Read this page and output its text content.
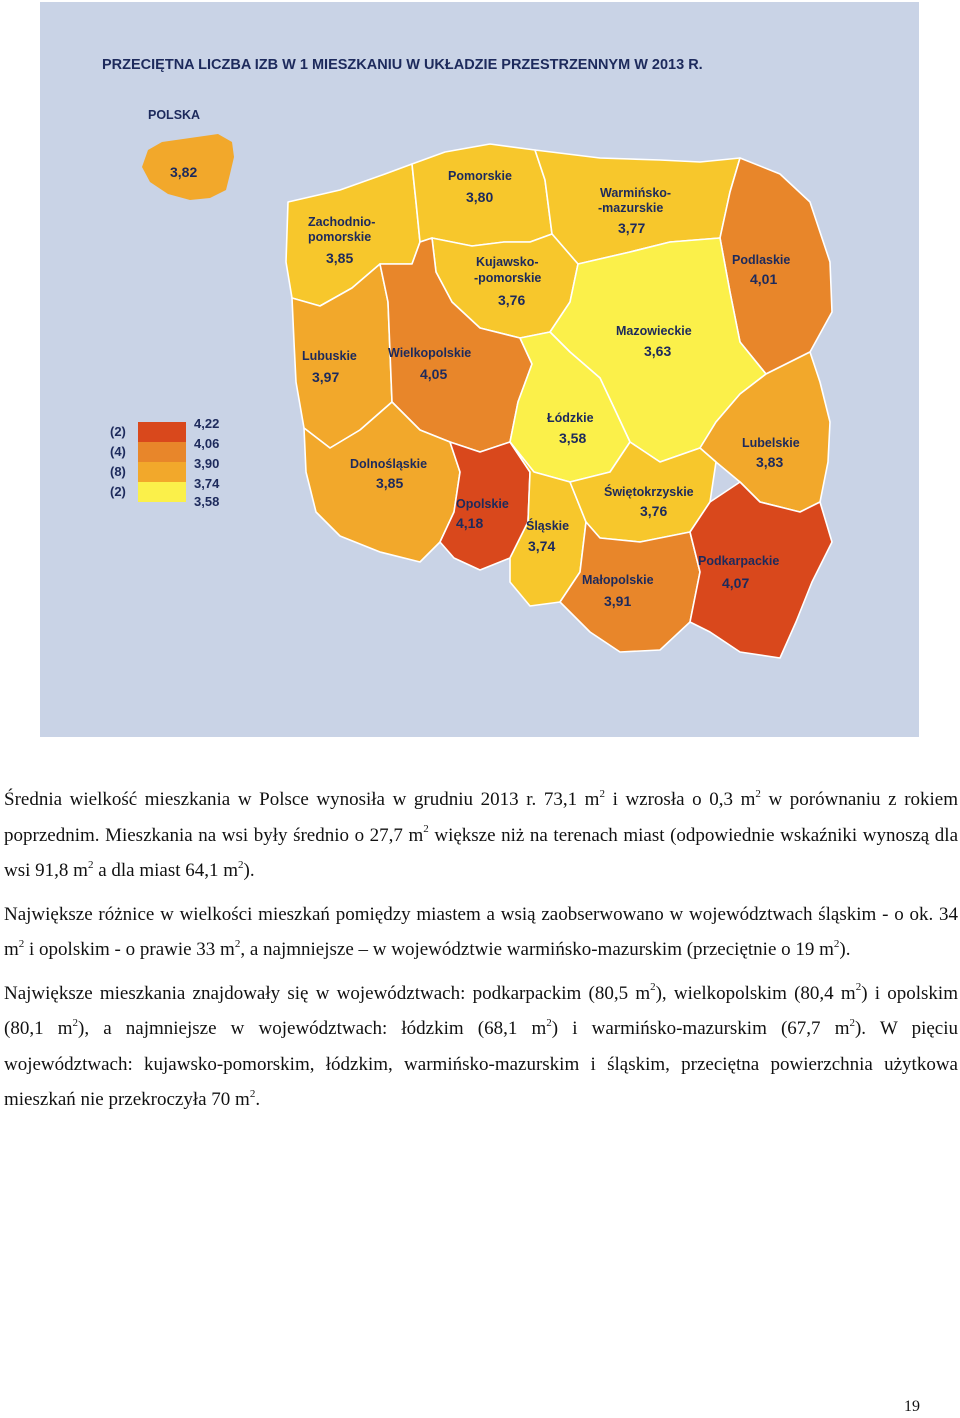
PRZECIĘTNA LICZBA IZB W 1 MIESZKANIU W UKŁADZIE PRZESTRZENNYM W 2013 R.
POLSKA
3,82
(2)
(4)
(8)
(2)
4,22
4,06
3,90
3,74
3,58
Zachodnio-
pomorskie
3,85
Pomorskie
3,80	Warmińsko-
-mazurskie
3,77
Podlaskie
4,01
Kujawsko-
-pomorskie
3,76
Lubuskie
3,97
Wielkopolskie
4,05
Mazowieckie
3,63
Łódzkie
3,58	Lubelskie
3,83
Dolnośląskie
3,85
Opolskie
4,18	Śląskie
3,74
Świętokrzyskie
3,76
Małopolskie
3,91
Podkarpackie
4,07

Średnia wielkość mieszkania w Polsce wynosiła w grudniu 2013 r. 73,1 $m^2$ i wzrosła o 0,3 $m^2$ w porównaniu z rokiem poprzednim. Mieszkania na wsi były średnio o 27,7 $m^2$ większe niż na terenach miast (odpowiednie wskaźniki wynoszą dla wsi 91,8 $m^2$ a dla miast 64,1 $m^2$).

Największe różnice w wielkości mieszkań pomiędzy miastem a wsią zaobserwowano w województwach śląskim - o ok. 34 $m^2$ i opolskim - o prawie 33 $m^2$, a najmniejsze – w województwie warmińsko-mazurskim (przeciętnie o 19 $m^2$).

Największe mieszkania znajdowały się w województwach: podkarpackim (80,5 $m^2$), wielkopolskim (80,4 $m^2$) i opolskim (80,1 $m^2$), a najmniejsze w województwach: łódzkim (68,1 $m^2$) i warmińsko-mazurskim (67,7 $m^2$). W pięciu województwach: kujawsko-pomorskim, łódzkim, warmińsko-mazurskim i śląskim, przeciętna powierzchnia użytkowa mieszkań nie przekroczyła 70 $m^2$.

19
